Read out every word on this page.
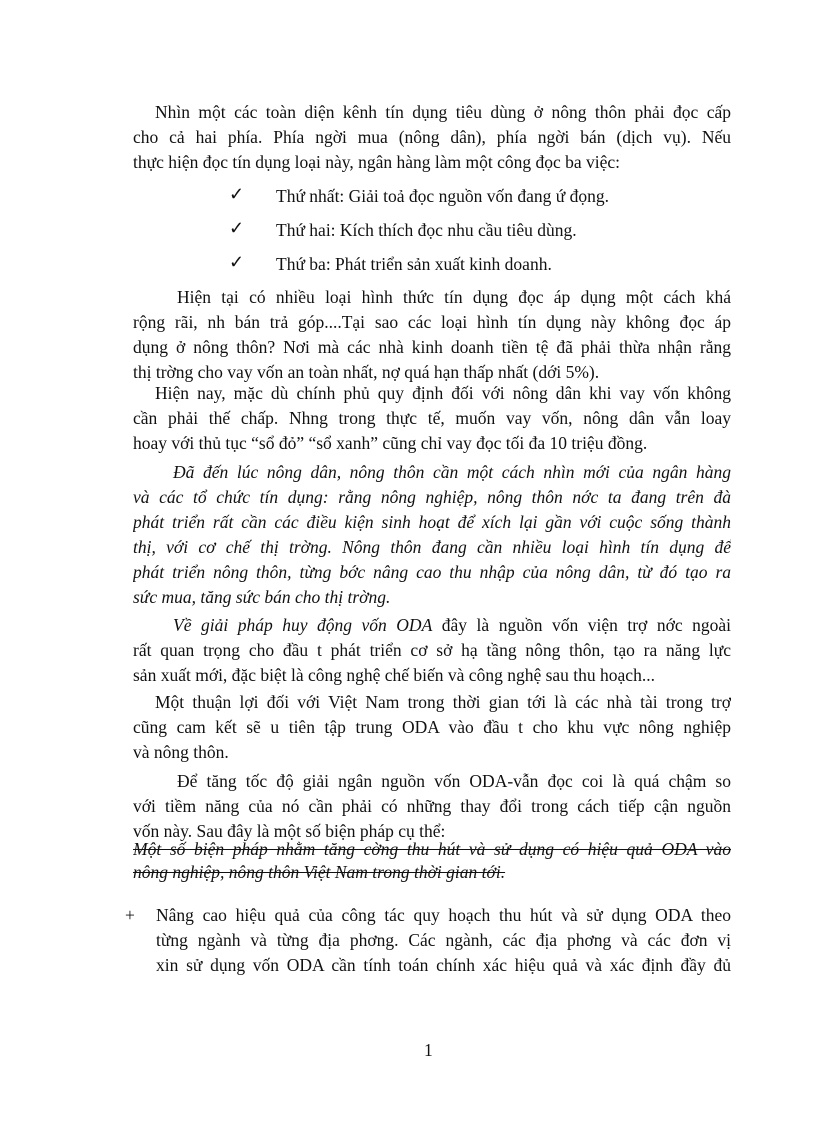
Nhìn một các toàn diện kênh tín dụng tiêu dùng ở nông thôn phải đọc cấp
cho cả hai phía. Phía ngời mua (nông dân), phía ngời bán (dịch vụ). Nếu
thực hiện đọc tín dụng loại này, ngân hàng làm một công đọc ba việc:
✓ Thứ nhất: Giải toả đọc nguồn vốn đang ứ đọng.
✓ Thứ hai: Kích thích đọc nhu cầu tiêu dùng.
✓ Thứ ba: Phát triển sản xuất kinh doanh.
Hiện tại có nhiều loại hình thức tín dụng đọc áp dụng một cách khá
rộng rãi, nh bán trả góp....Tại sao các loại hình tín dụng này không đọc áp
dụng ở nông thôn? Nơi mà các nhà kinh doanh tiền tệ đã phải thừa nhận rằng
thị trờng cho vay vốn an toàn nhất, nợ quá hạn thấp nhất (dới 5%).
Hiện nay, mặc dù chính phủ quy định đối với nông dân khi vay vốn không
cần phải thế chấp. Nhng trong thực tế, muốn vay vốn, nông dân vẫn loay
hoay với thủ tục “sổ đỏ” “sổ xanh” cũng chỉ vay đọc tối đa 10 triệu đồng.
Đã đến lúc nông dân, nông thôn cần một cách nhìn mới của ngân hàng
và các tổ chức tín dụng: rằng nông nghiệp, nông thôn nớc ta đang trên đà
phát triển rất cần các điều kiện sinh hoạt để xích lại gần với cuộc sống thành
thị, với cơ chế thị trờng. Nông thôn đang cần nhiều loại hình tín dụng để
phát triển nông thôn, từng bớc nâng cao thu nhập của nông dân, từ đó tạo ra
sức mua, tăng sức bán cho thị trờng.
Về giải pháp huy động vốn ODA đây là nguồn vốn viện trợ nớc ngoài
rất quan trọng cho đầu t phát triển cơ sở hạ tầng nông thôn, tạo ra năng lực
sản xuất mới, đặc biệt là công nghệ chế biến và công nghệ sau thu hoạch...
Một thuận lợi đối với Việt Nam trong thời gian tới là các nhà tài trong trợ
cũng cam kết sẽ u tiên tập trung ODA vào đầu t cho khu vực nông nghiệp
và nông thôn.
Để tăng tốc độ giải ngân nguồn vốn ODA-vẫn đọc coi là quá chậm so
với tiềm năng của nó cần phải có những thay đổi trong cách tiếp cận nguồn
vốn này. Sau đây là một số biện pháp cụ thể:
Một số biện pháp nhằm tăng cờng thu hút và sử dụng có hiệu quả ODA vào
nông nghiệp, nông thôn Việt Nam trong thời gian tới.
+ Nâng cao hiệu quả của công tác quy hoạch thu hút và sử dụng ODA theo
từng ngành và từng địa phơng. Các ngành, các địa phơng và các đơn vị
xin sử dụng vốn ODA cần tính toán chính xác hiệu quả và xác định đầy đủ
1
